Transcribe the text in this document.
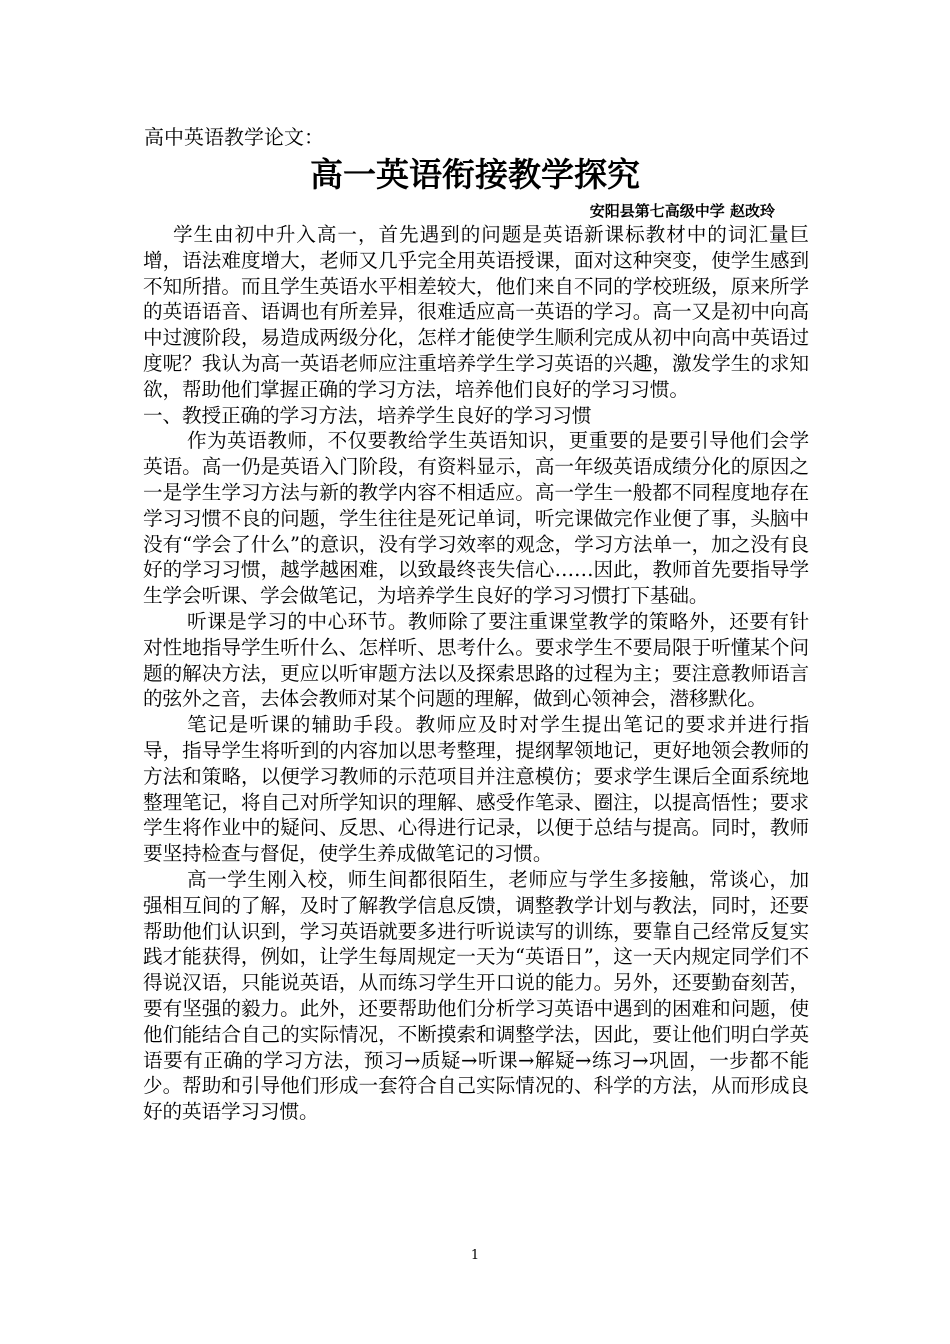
高中英语教学论文：
高一英语衔接教学探究
安阳县第七高级中学 赵改玲

学生由初中升入高一，首先遇到的问题是英语新课标教材中的词汇量巨增，语法难度增大，老师又几乎完全用英语授课，面对这种突变，使学生感到不知所措。而且学生英语水平相差较大，他们来自不同的学校班级，原来所学的英语语音、语调也有所差异，很难适应高一英语的学习。高一又是初中向高中过渡阶段，易造成两级分化，怎样才能使学生顺利完成从初中向高中英语过度呢？我认为高一英语老师应注重培养学生学习英语的兴趣，激发学生的求知欲，帮助他们掌握正确的学习方法，培养他们良好的学习习惯。

一、教授正确的学习方法，培养学生良好的学习习惯

作为英语教师，不仅要教给学生英语知识，更重要的是要引导他们会学英语。高一仍是英语入门阶段，有资料显示，高一年级英语成绩分化的原因之一是学生学习方法与新的教学内容不相适应。高一学生一般都不同程度地存在学习习惯不良的问题，学生往往是死记单词，听完课做完作业便了事，头脑中没有“学会了什么”的意识，没有学习效率的观念，学习方法单一，加之没有良好的学习习惯，越学越困难，以致最终丧失信心……因此，教师首先要指导学生学会听课、学会做笔记，为培养学生良好的学习习惯打下基础。

听课是学习的中心环节。教师除了要注重课堂教学的策略外，还要有针对性地指导学生听什么、怎样听、思考什么。要求学生不要局限于听懂某个问题的解决方法，更应以听审题方法以及探索思路的过程为主；要注意教师语言的弦外之音，去体会教师对某个问题的理解，做到心领神会，潜移默化。

笔记是听课的辅助手段。教师应及时对学生提出笔记的要求并进行指导，指导学生将听到的内容加以思考整理，提纲挈领地记，更好地领会教师的方法和策略，以便学习教师的示范项目并注意模仿；要求学生课后全面系统地整理笔记，将自己对所学知识的理解、感受作笔录、圈注，以提高悟性；要求学生将作业中的疑问、反思、心得进行记录，以便于总结与提高。同时，教师要坚持检查与督促，使学生养成做笔记的习惯。

高一学生刚入校，师生间都很陌生，老师应与学生多接触，常谈心，加强相互间的了解，及时了解教学信息反馈，调整教学计划与教法，同时，还要帮助他们认识到，学习英语就要多进行听说读写的训练，要靠自己经常反复实践才能获得，例如，让学生每周规定一天为“英语日”，这一天内规定同学们不得说汉语，只能说英语，从而练习学生开口说的能力。另外，还要勤奋刻苦，要有坚强的毅力。此外，还要帮助他们分析学习英语中遇到的困难和问题，使他们能结合自己的实际情况，不断摸索和调整学法，因此，要让他们明白学英语要有正确的学习方法，预习→质疑→听课→解疑→练习→巩固，一步都不能少。帮助和引导他们形成一套符合自己实际情况的、科学的方法，从而形成良好的英语学习习惯。

1
